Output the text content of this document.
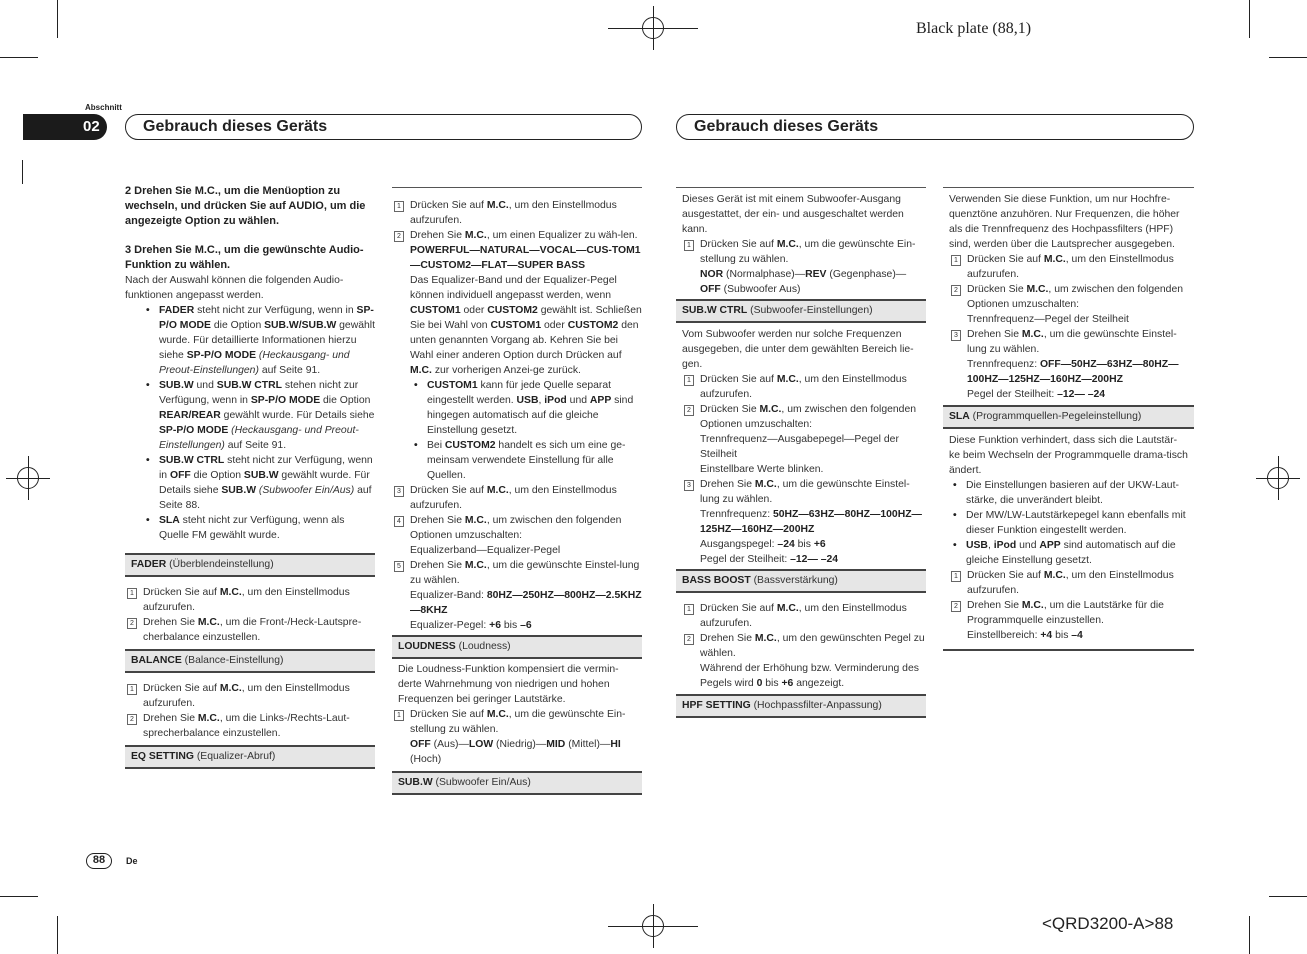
Black plate (88,1)
<QRD3200-A>88
Abschnitt
02	Gebrauch dieses Geräts	Gebrauch dieses Geräts

2 Drehen Sie M.C., um die Menüoption zu wechseln, und drücken Sie auf AUDIO, um die angezeigte Option zu wählen.

3 Drehen Sie M.C., um die gewünschte Audio-Funktion zu wählen.

Nach der Auswahl können die folgenden Audio-funktionen angepasst werden.

• FADER steht nicht zur Verfügung, wenn in SP-P/O MODE die Option SUB.W/SUB.W gewählt wurde. Für detaillierte Informationen hierzu siehe SP-P/O MODE (Heckausgang- und Preout-Einstellungen) auf Seite 91.

• SUB.W und SUB.W CTRL stehen nicht zur Verfügung, wenn in SP-P/O MODE die Option REAR/REAR gewählt wurde. Für Details siehe SP-P/O MODE (Heckausgang- und Preout-Einstellungen) auf Seite 91.

• SUB.W CTRL steht nicht zur Verfügung, wenn in OFF die Option SUB.W gewählt wurde. Für Details siehe SUB.W (Subwoofer Ein/Aus) auf Seite 88.

• SLA steht nicht zur Verfügung, wenn als Quelle FM gewählt wurde.

FADER (Überblendeinstellung)

1 Drücken Sie auf M.C., um den Einstellmodus aufzurufen.

2 Drehen Sie M.C., um die Front-/Heck-Lautspre-cherbalance einzustellen.

BALANCE (Balance-Einstellung)

1 Drücken Sie auf M.C., um den Einstellmodus aufzurufen.

2 Drehen Sie M.C., um die Links-/Rechts-Laut-sprecherbalance einzustellen.

EQ SETTING (Equalizer-Abruf)

1 Drücken Sie auf M.C., um den Einstellmodus aufzurufen.

2 Drehen Sie M.C., um einen Equalizer zu wäh-len.

POWERFUL—NATURAL—VOCAL—CUS-TOM1—CUSTOM2—FLAT—SUPER BASS

Das Equalizer-Band und der Equalizer-Pegel können individuell angepasst werden, wenn CUSTOM1 oder CUSTOM2 gewählt ist. Schließen Sie bei Wahl von CUSTOM1 oder CUSTOM2 den unten genannten Vorgang ab. Kehren Sie bei Wahl einer anderen Option durch Drücken auf M.C. zur vorherigen Anzei-ge zurück.

• CUSTOM1 kann für jede Quelle separat eingestellt werden. USB, iPod und APP sind hingegen automatisch auf die gleiche Einstellung gesetzt.

• Bei CUSTOM2 handelt es sich um eine ge-meinsam verwendete Einstellung für alle Quellen.

3 Drücken Sie auf M.C., um den Einstellmodus aufzurufen.

4 Drehen Sie M.C., um zwischen den folgenden Optionen umzuschalten:

Equalizerband—Equalizer-Pegel

5 Drehen Sie M.C., um die gewünschte Einstel-lung zu wählen.

Equalizer-Band: 80HZ—250HZ—800HZ—2.5KHZ—8KHZ

Equalizer-Pegel: +6 bis –6

LOUDNESS (Loudness)

Die Loudness-Funktion kompensiert die vermin-derte Wahrnehmung von niedrigen und hohen Frequenzen bei geringer Lautstärke.

1 Drücken Sie auf M.C., um die gewünschte Ein-stellung zu wählen.

OFF (Aus)—LOW (Niedrig)—MID (Mittel)—HI (Hoch)

SUB.W (Subwoofer Ein/Aus)

Dieses Gerät ist mit einem Subwoofer-Ausgang ausgestattet, der ein- und ausgeschaltet werden kann.

1 Drücken Sie auf M.C., um die gewünschte Ein-stellung zu wählen.

NOR (Normalphase)—REV (Gegenphase)—OFF (Subwoofer Aus)

SUB.W CTRL (Subwoofer-Einstellungen)

Vom Subwoofer werden nur solche Frequenzen ausgegeben, die unter dem gewählten Bereich lie-gen.

1 Drücken Sie auf M.C., um den Einstellmodus aufzurufen.

2 Drücken Sie M.C., um zwischen den folgenden Optionen umzuschalten:

Trennfrequenz—Ausgabepegel—Pegel der Steilheit

Einstellbare Werte blinken.

3 Drehen Sie M.C., um die gewünschte Einstel-lung zu wählen.

Trennfrequenz: 50HZ—63HZ—80HZ—100HZ—125HZ—160HZ—200HZ

Ausgangspegel: –24 bis +6

Pegel der Steilheit: –12— –24

BASS BOOST (Bassverstärkung)

1 Drücken Sie auf M.C., um den Einstellmodus aufzurufen.

2 Drehen Sie M.C., um den gewünschten Pegel zu wählen.

Während der Erhöhung bzw. Verminderung des Pegels wird 0 bis +6 angezeigt.

HPF SETTING (Hochpassfilter-Anpassung)

Verwenden Sie diese Funktion, um nur Hochfre-quenztöne anzuhören. Nur Frequenzen, die höher als die Trennfrequenz des Hochpassfilters (HPF) sind, werden über die Lautsprecher ausgegeben.

1 Drücken Sie auf M.C., um den Einstellmodus aufzurufen.

2 Drücken Sie M.C., um zwischen den folgenden Optionen umzuschalten:

Trennfrequenz—Pegel der Steilheit

3 Drehen Sie M.C., um die gewünschte Einstel-lung zu wählen.

Trennfrequenz: OFF—50HZ—63HZ—80HZ—100HZ—125HZ—160HZ—200HZ

Pegel der Steilheit: –12— –24

SLA (Programmquellen-Pegeleinstellung)

Diese Funktion verhindert, dass sich die Lautstär-ke beim Wechseln der Programmquelle drama-tisch ändert.

• Die Einstellungen basieren auf der UKW-Laut-stärke, die unverändert bleibt.

• Der MW/LW-Lautstärkepegel kann ebenfalls mit dieser Funktion eingestellt werden.

• USB, iPod und APP sind automatisch auf die gleiche Einstellung gesetzt.

1 Drücken Sie auf M.C., um den Einstellmodus aufzurufen.

2 Drehen Sie M.C., um die Lautstärke für die Programmquelle einzustellen.

Einstellbereich: +4 bis –4

88	De
